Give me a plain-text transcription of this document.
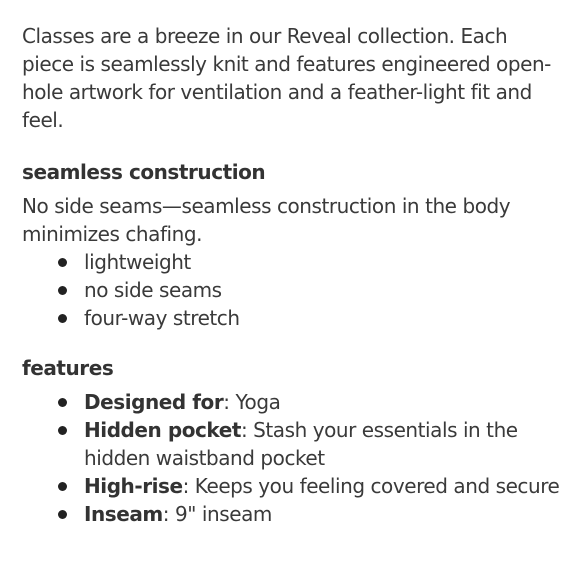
Classes are a breeze in our Reveal collection. Each piece is seamlessly knit and features engineered open-hole artwork for ventilation and a feather-light fit and feel.

seamless construction

No side seams—seamless construction in the body minimizes chafing.

lightweight
no side seams
four-way stretch
features
Designed for: Yoga
Hidden pocket: Stash your essentials in the hidden waistband pocket
High-rise: Keeps you feeling covered and secure
Inseam: 9" inseam
